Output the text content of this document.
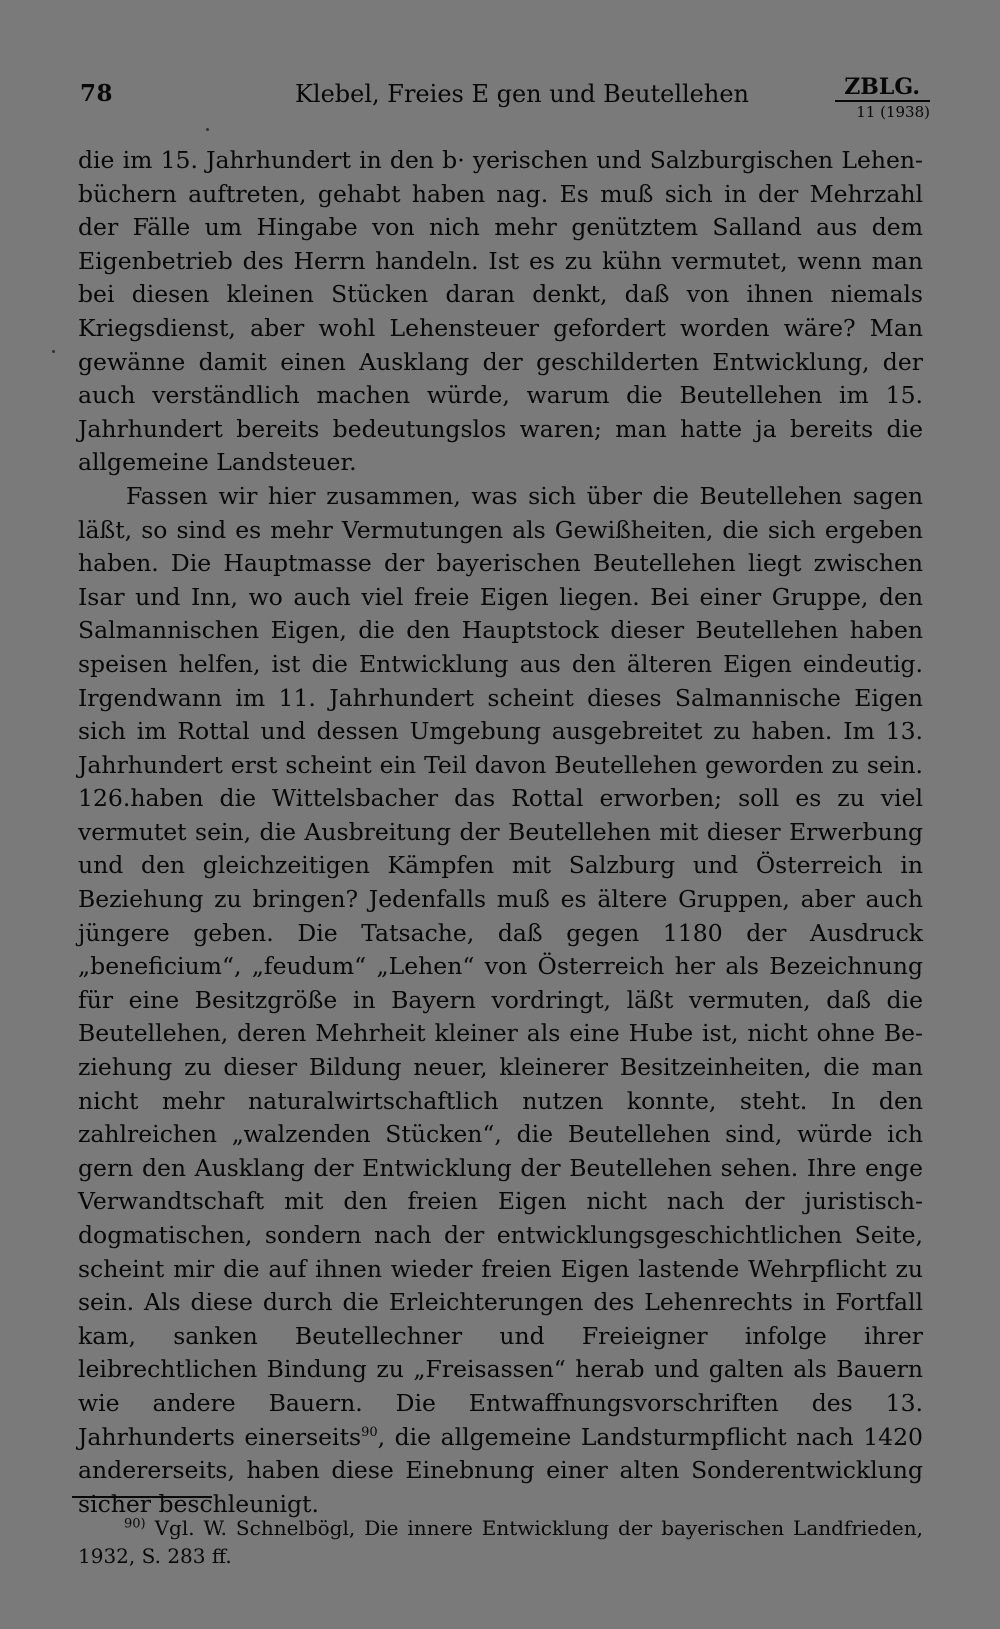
78	Klebel, Freies E gen und Beutellehen	ZBLG.
11 (1938)

die im 15. Jahrhundert in den b· yerischen und Salzburgischen Lehenbüchern auftreten, gehabt haben nag. Es muß sich in der Mehrzahl der Fälle um Hingabe von nich mehr genütztem Salland aus dem Eigenbetrieb des Herrn handeln. Ist es zu kühn vermutet, wenn man bei diesen kleinen Stücken daran denkt, daß von ihnen niemals Kriegsdienst, aber wohl Lehensteuer gefordert worden wäre? Man gewänne damit einen Ausklang der geschilderten Entwicklung, der auch verständlich machen würde, warum die Beutellehen im 15. Jahrhundert bereits bedeutungslos waren; man hatte ja bereits die allgemeine Landsteuer.

Fassen wir hier zusammen, was sich über die Beutellehen sagen läßt, so sind es mehr Vermutungen als Gewißheiten, die sich ergeben haben. Die Hauptmasse der bayerischen Beutellehen liegt zwischen Isar und Inn, wo auch viel freie Eigen liegen. Bei einer Gruppe, den Salmannischen Eigen, die den Hauptstock dieser Beutellehen haben speisen helfen, ist die Entwicklung aus den älteren Eigen eindeutig. Irgendwann im 11. Jahrhundert scheint dieses Salmannische Eigen sich im Rottal und dessen Umgebung ausgebreitet zu haben. Im 13. Jahrhundert erst scheint ein Teil davon Beutellehen geworden zu sein. 126.haben die Wittelsbacher das Rottal erworben; soll es zu viel vermutet sein, die Ausbreitung der Beutellehen mit dieser Erwerbung und den gleichzeitigen Kämpfen mit Salzburg und Österreich in Beziehung zu bringen? Jedenfalls muß es ältere Gruppen, aber auch jüngere geben. Die Tatsache, daß gegen 1180 der Ausdruck „beneficium“, „feudum“ „Lehen“ von Österreich her als Bezeichnung für eine Besitzgröße in Bayern vordringt, läßt vermuten, daß die Beutellehen, deren Mehrheit kleiner als eine Hube ist, nicht ohne Beziehung zu dieser Bildung neuer, kleinerer Besitzeinheiten, die man nicht mehr naturalwirtschaftlich nutzen konnte, steht. In den zahlreichen „walzenden Stücken“, die Beutellehen sind, würde ich gern den Ausklang der Entwicklung der Beutellehen sehen. Ihre enge Verwandtschaft mit den freien Eigen nicht nach der juristisch-dogmatischen, sondern nach der entwicklungsgeschichtlichen Seite, scheint mir die auf ihnen wieder freien Eigen lastende Wehrpflicht zu sein. Als diese durch die Erleichterungen des Lehenrechts in Fortfall kam, sanken Beutellechner und Freieigner infolge ihrer leibrechtlichen Bindung zu „Freisassen“ herab und galten als Bauern wie andere Bauern. Die Entwaffnungsvorschriften des 13. Jahrhunderts einerseits$^{90}$, die allgemeine Landsturmpflicht nach 1420 andererseits, haben diese Einebnung einer alten Sonderentwicklung sicher beschleunigt.

$^{90)}$ Vgl. W. Schnelbögl, Die innere Entwicklung der bayerischen Landfrieden, 1932, S. 283 ff.
